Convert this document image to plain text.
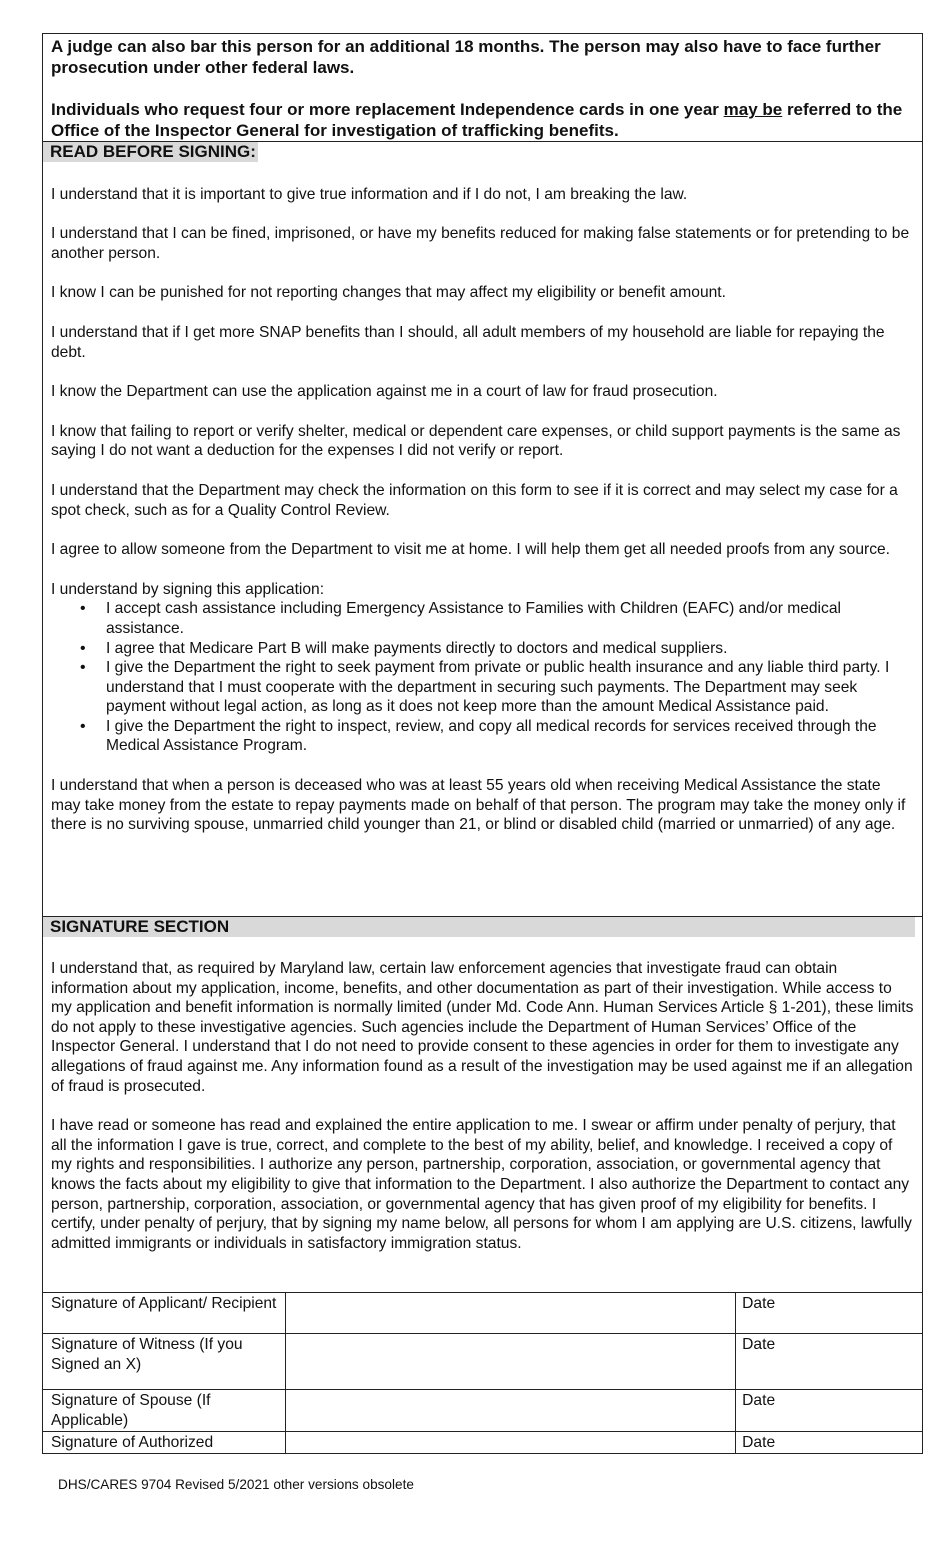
A judge can also bar this person for an additional 18 months. The person may also have to face further prosecution under other federal laws.

Individuals who request four or more replacement Independence cards in one year may be referred to the Office of the Inspector General for investigation of trafficking benefits.

READ BEFORE SIGNING:

I understand that it is important to give true information and if I do not, I am breaking the law.

I understand that I can be fined, imprisoned, or have my benefits reduced for making false statements or for pretending to be another person.

I know I can be punished for not reporting changes that may affect my eligibility or benefit amount.

I understand that if I get more SNAP benefits than I should, all adult members of my household are liable for repaying the debt.

I know the Department can use the application against me in a court of law for fraud prosecution.

I know that failing to report or verify shelter, medical or dependent care expenses, or child support payments is the same as saying I do not want a deduction for the expenses I did not verify or report.

I understand that the Department may check the information on this form to see if it is correct and may select my case for a spot check, such as for a Quality Control Review.

I agree to allow someone from the Department to visit me at home. I will help them get all needed proofs from any source.

I understand by signing this application:

• I accept cash assistance including Emergency Assistance to Families with Children (EAFC) and/or medical assistance.
• I agree that Medicare Part B will make payments directly to doctors and medical suppliers.
• I give the Department the right to seek payment from private or public health insurance and any liable third party. I understand that I must cooperate with the department in securing such payments. The Department may seek payment without legal action, as long as it does not keep more than the amount Medical Assistance paid.
• I give the Department the right to inspect, review, and copy all medical records for services received through the Medical Assistance Program.

I understand that when a person is deceased who was at least 55 years old when receiving Medical Assistance the state may take money from the estate to repay payments made on behalf of that person. The program may take the money only if there is no surviving spouse, unmarried child younger than 21, or blind or disabled child (married or unmarried) of any age.

SIGNATURE SECTION

I understand that, as required by Maryland law, certain law enforcement agencies that investigate fraud can obtain information about my application, income, benefits, and other documentation as part of their investigation. While access to my application and benefit information is normally limited (under Md. Code Ann. Human Services Article § 1-201), these limits do not apply to these investigative agencies. Such agencies include the Department of Human Services’ Office of the Inspector General. I understand that I do not need to provide consent to these agencies in order for them to investigate any allegations of fraud against me. Any information found as a result of the investigation may be used against me if an allegation of fraud is prosecuted.

I have read or someone has read and explained the entire application to me. I swear or affirm under penalty of perjury, that all the information I gave is true, correct, and complete to the best of my ability, belief, and knowledge. I received a copy of my rights and responsibilities. I authorize any person, partnership, corporation, association, or governmental agency that knows the facts about my eligibility to give that information to the Department. I also authorize the Department to contact any person, partnership, corporation, association, or governmental agency that has given proof of my eligibility for benefits. I certify, under penalty of perjury, that by signing my name below, all persons for whom I am applying are U.S. citizens, lawfully admitted immigrants or individuals in satisfactory immigration status.

Signature of Applicant/ Recipient		Date
Signature of Witness (If you Signed an X)		Date
Signature of Spouse (If Applicable)		Date
Signature of Authorized		Date
DHS/CARES 9704 Revised 5/2021 other versions obsolete
